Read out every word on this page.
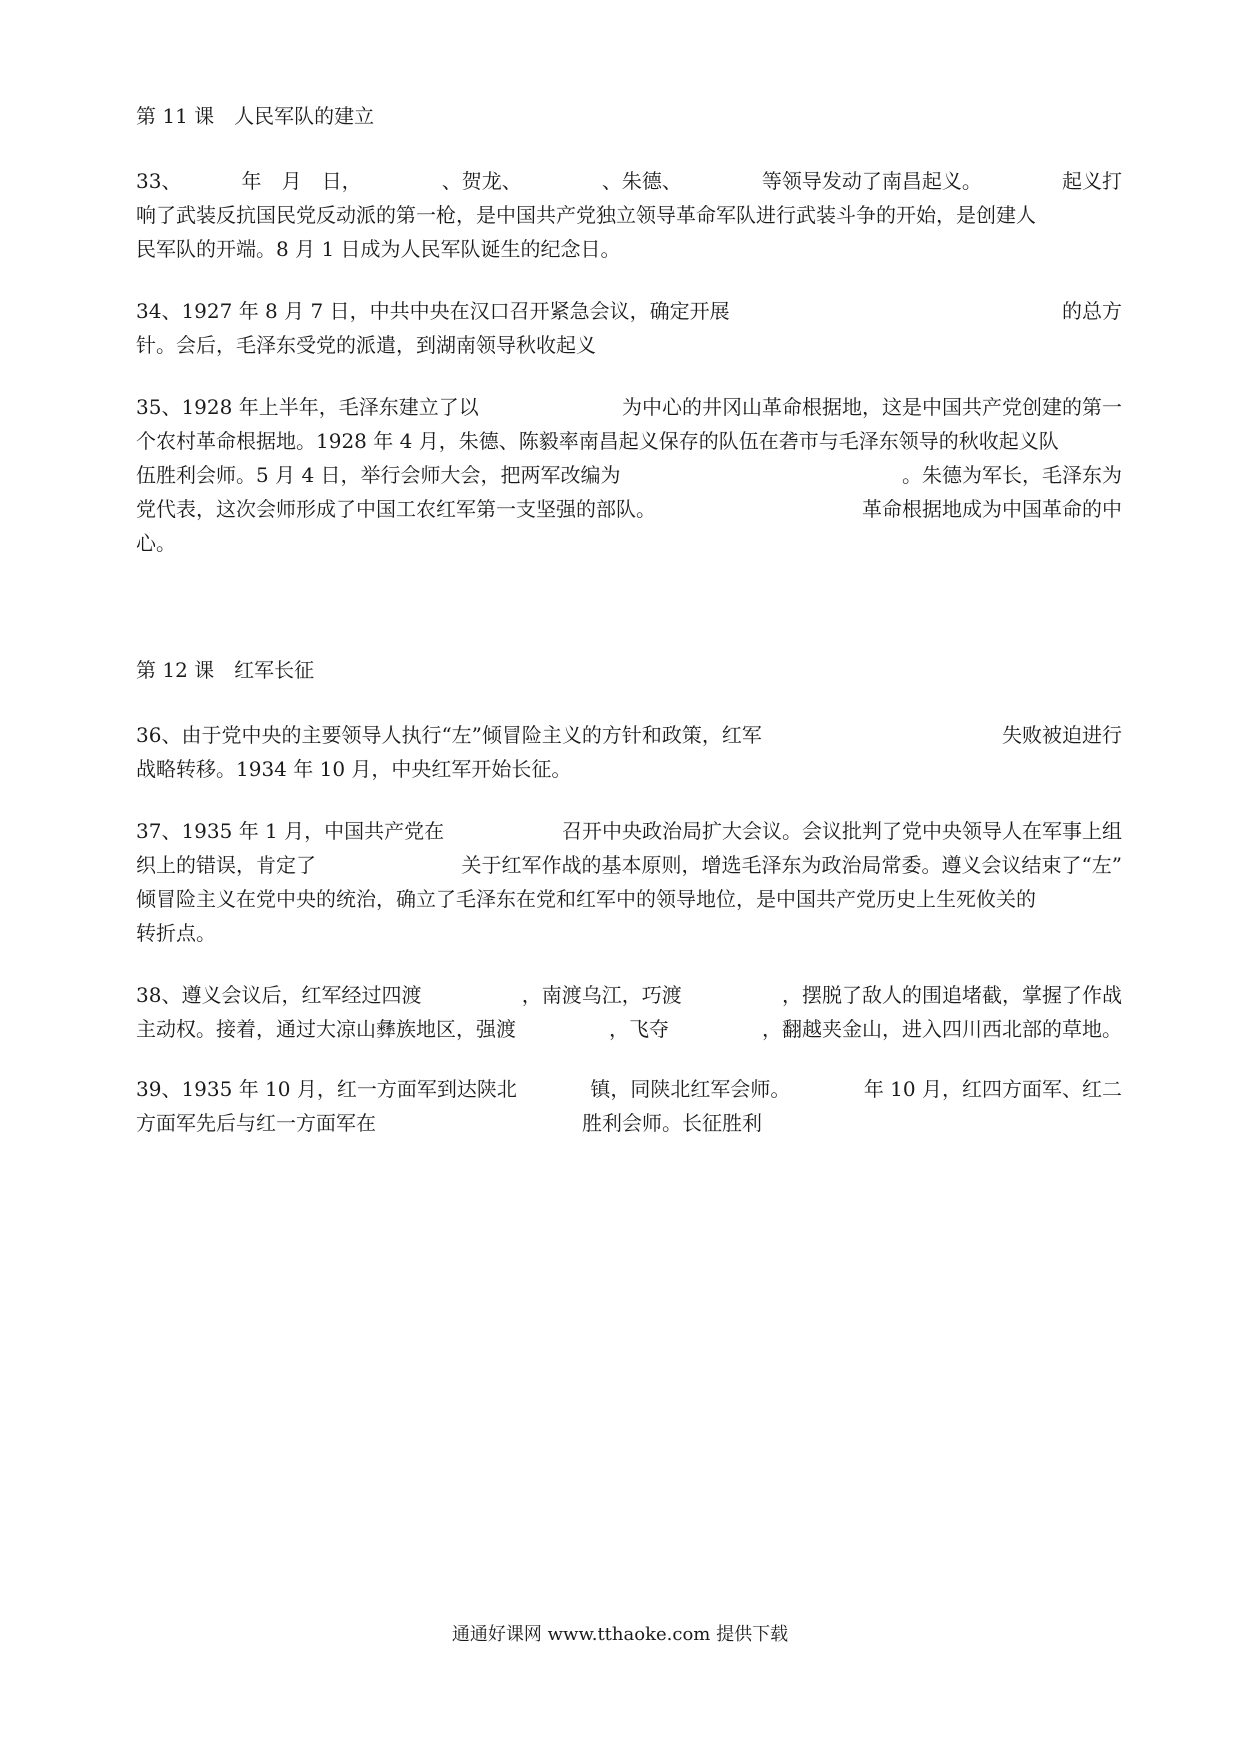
第 11 课　人民军队的建立
33、	年 月 日，	、贺龙、	、朱德、	等领导发动了南昌起义。	起义打
响了武装反抗国民党反动派的第一枪，是中国共产党独立领导革命军队进行武装斗争的开始，是创建人
民军队的开端。8 月 1 日成为人民军队诞生的纪念日。
34、1927 年 8 月 7 日，中共中央在汉口召开紧急会议，确定开展	的总方
针。会后，毛泽东受党的派遣，到湖南领导秋收起义
35、1928 年上半年，毛泽东建立了以	为中心的井冈山革命根据地，这是中国共产党创建的第一
个农村革命根据地。1928 年 4 月，朱德、陈毅率南昌起义保存的队伍在砻市与毛泽东领导的秋收起义队
伍胜利会师。5 月 4 日，举行会师大会，把两军改编为	。朱德为军长，毛泽东为
党代表，这次会师形成了中国工农红军第一支坚强的部队。	革命根据地成为中国革命的中
心。
第 12 课　红军长征
36、由于党中央的主要领导人执行“左”倾冒险主义的方针和政策，红军	失败被迫进行
战略转移。1934 年 10 月，中央红军开始长征。
37、1935 年 1 月，中国共产党在	召开中央政治局扩大会议。会议批判了党中央领导人在军事上组
织上的错误，肯定了	关于红军作战的基本原则，增选毛泽东为政治局常委。遵义会议结束了“左”
倾冒险主义在党中央的统治，确立了毛泽东在党和红军中的领导地位，是中国共产党历史上生死攸关的
转折点。
38、遵义会议后，红军经过四渡	，南渡乌江，巧渡	，摆脱了敌人的围追堵截，掌握了作战
主动权。接着，通过大凉山彝族地区，强渡	，飞夺	，翻越夹金山，进入四川西北部的草地。
39、1935 年 10 月，红一方面军到达陕北	镇，同陕北红军会师。	年 10 月，红四方面军、红二
方面军先后与红一方面军在	胜利会师。长征胜利
通通好课网 www.tthaoke.com 提供下载
